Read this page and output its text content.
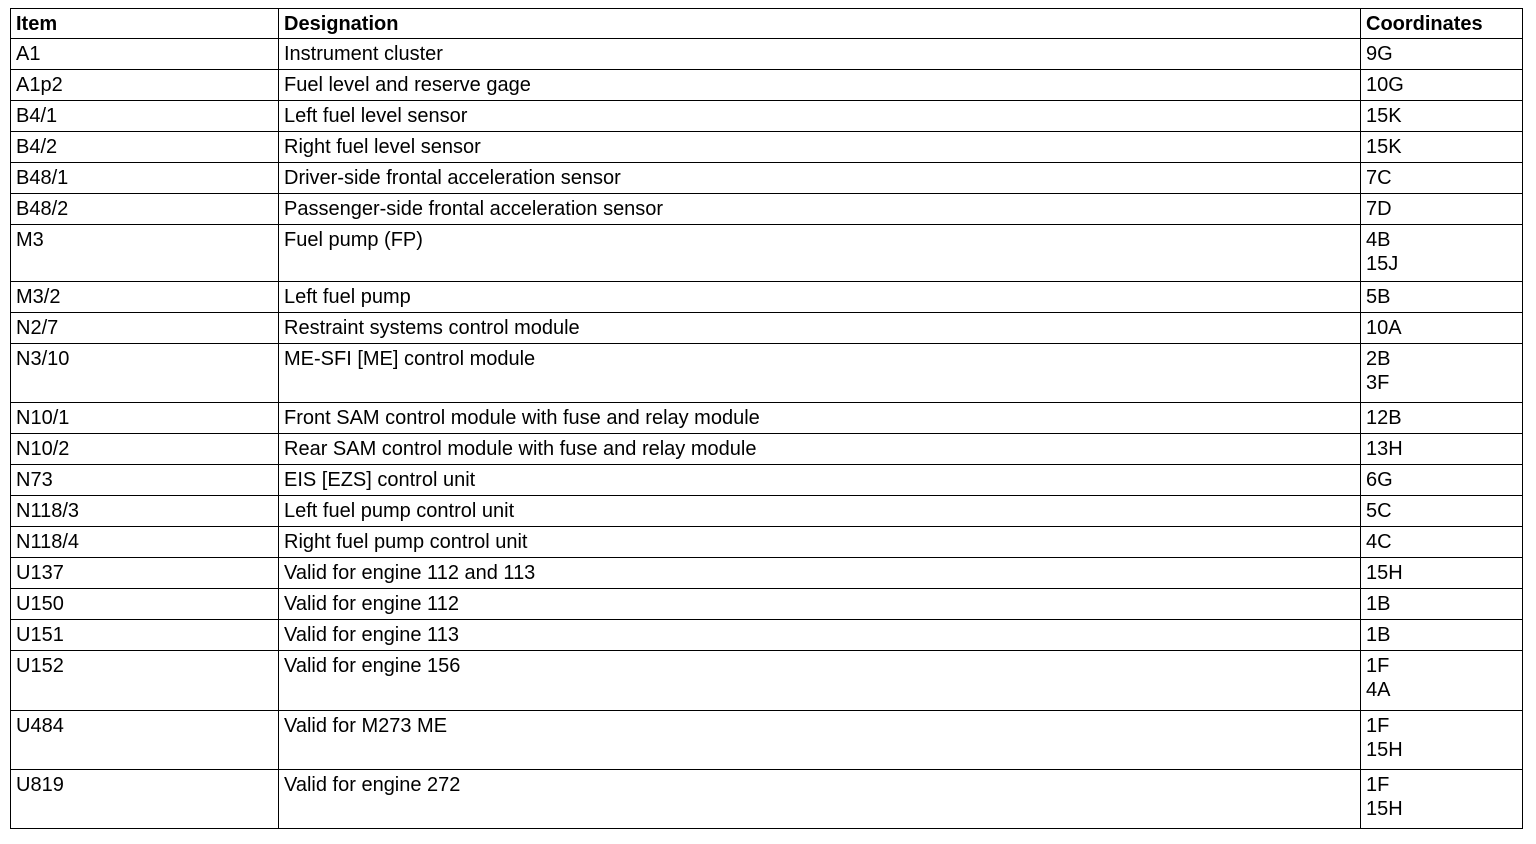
Item	Designation	Coordinates
A1	Instrument cluster	9G

A1p2	Fuel level and reserve gage	10G

B4/1	Left fuel level sensor	15K

B4/2	Right fuel level sensor	15K

B48/1	Driver-side frontal acceleration sensor	7C

B48/2	Passenger-side frontal acceleration sensor	7D

M3	Fuel pump (FP)	4B
15J

M3/2	Left fuel pump	5B

N2/7	Restraint systems control module	10A

N3/10	ME-SFI [ME] control module	2B
3F

N10/1	Front SAM control module with fuse and relay module	12B

N10/2	Rear SAM control module with fuse and relay module	13H

N73	EIS [EZS] control unit	6G

N118/3	Left fuel pump control unit	5C

N118/4	Right fuel pump control unit	4C

U137	Valid for engine 112 and 113	15H

U150	Valid for engine 112	1B

U151	Valid for engine 113	1B

U152	Valid for engine 156	1F
4A

U484	Valid for M273 ME	1F
15H

U819	Valid for engine 272	1F
15H
